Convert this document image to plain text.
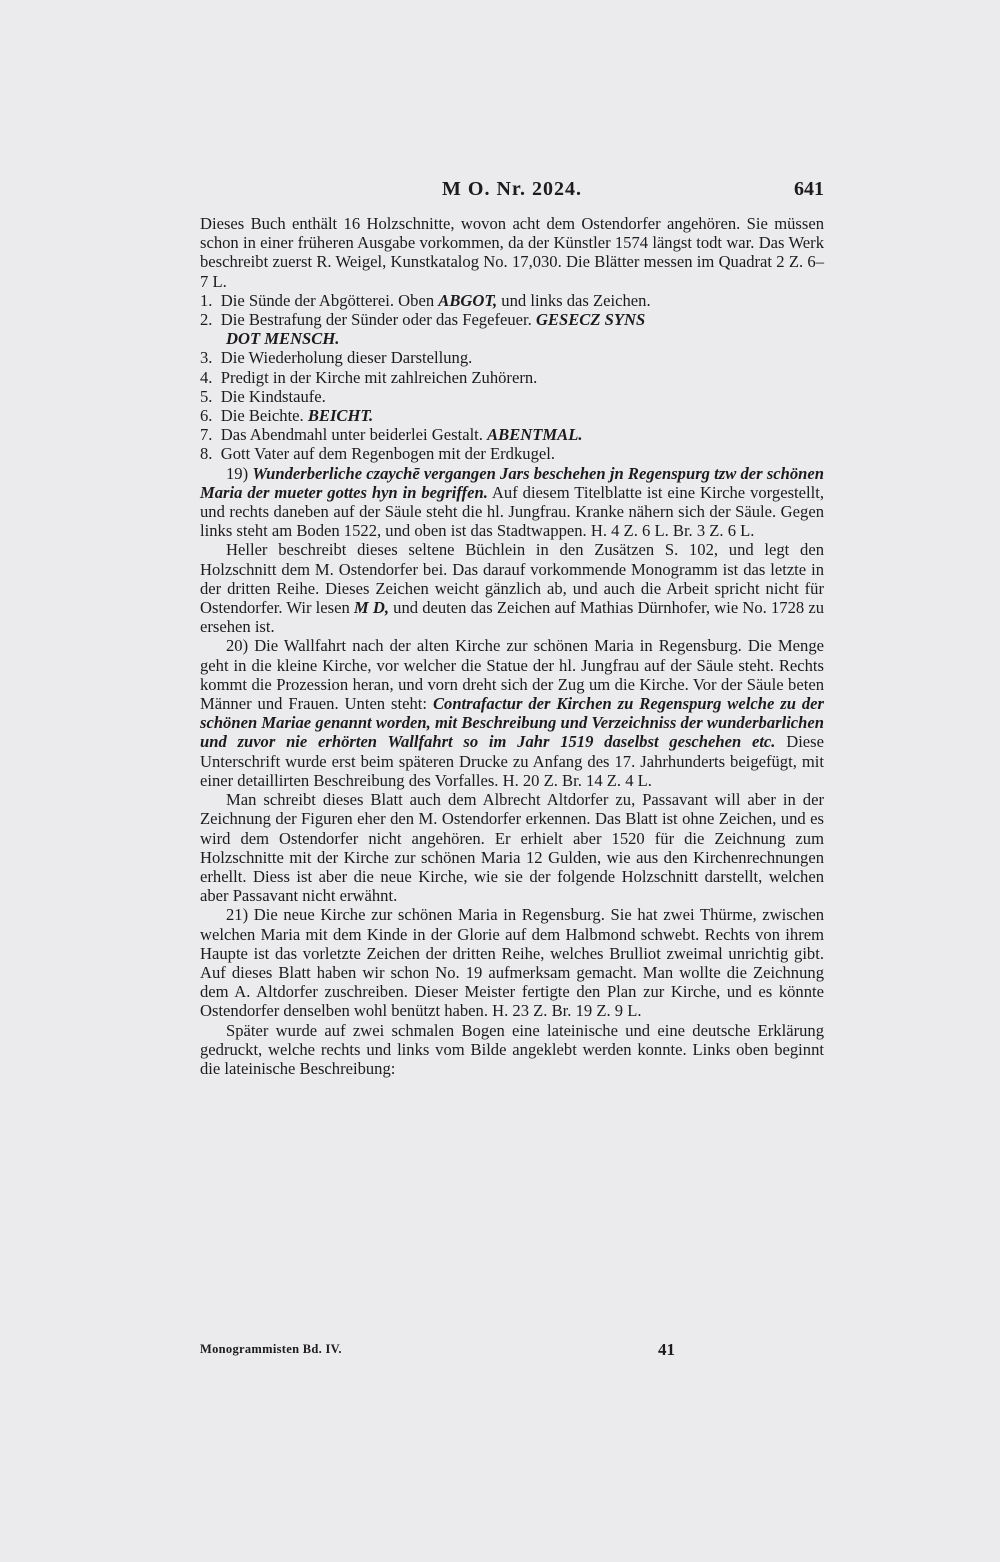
M O. Nr. 2024.	641

Dieses Buch enthält 16 Holzschnitte, wovon acht dem Ostendorfer angehören. Sie müssen schon in einer früheren Ausgabe vorkommen, da der Künstler 1574 längst todt war. Das Werk beschreibt zuerst R. Weigel, Kunstkatalog No. 17,030. Die Blätter messen im Quadrat 2 Z. 6–7 L.

1. Die Sünde der Abgötterei. Oben ABGOT, und links das Zeichen.

2. Die Bestrafung der Sünder oder das Fegefeuer. GESECZ SYNS

DOT MENSCH.

3. Die Wiederholung dieser Darstellung.

4. Predigt in der Kirche mit zahlreichen Zuhörern.

5. Die Kindstaufe.

6. Die Beichte. BEICHT.

7. Das Abendmahl unter beiderlei Gestalt. ABENTMAL.

8. Gott Vater auf dem Regenbogen mit der Erdkugel.

19) Wunderberliche czaychē vergangen Jars beschehen jn Regenspurg tzw der schönen Maria der mueter gottes hyn in begriffen. Auf diesem Titelblatte ist eine Kirche vorgestellt, und rechts daneben auf der Säule steht die hl. Jungfrau. Kranke nähern sich der Säule. Gegen links steht am Boden 1522, und oben ist das Stadtwappen. H. 4 Z. 6 L. Br. 3 Z. 6 L.

Heller beschreibt dieses seltene Büchlein in den Zusätzen S. 102, und legt den Holzschnitt dem M. Ostendorfer bei. Das darauf vorkommende Monogramm ist das letzte in der dritten Reihe. Dieses Zeichen weicht gänzlich ab, und auch die Arbeit spricht nicht für Ostendorfer. Wir lesen M D, und deuten das Zeichen auf Mathias Dürnhofer, wie No. 1728 zu ersehen ist.

20) Die Wallfahrt nach der alten Kirche zur schönen Maria in Regensburg. Die Menge geht in die kleine Kirche, vor welcher die Statue der hl. Jungfrau auf der Säule steht. Rechts kommt die Prozession heran, und vorn dreht sich der Zug um die Kirche. Vor der Säule beten Männer und Frauen. Unten steht: Contrafactur der Kirchen zu Regenspurg welche zu der schönen Mariae genannt worden, mit Beschreibung und Verzeichniss der wunderbarlichen und zuvor nie erhörten Wallfahrt so im Jahr 1519 daselbst geschehen etc. Diese Unterschrift wurde erst beim späteren Drucke zu Anfang des 17. Jahrhunderts beigefügt, mit einer detaillirten Beschreibung des Vorfalles. H. 20 Z. Br. 14 Z. 4 L.

Man schreibt dieses Blatt auch dem Albrecht Altdorfer zu, Passavant will aber in der Zeichnung der Figuren eher den M. Ostendorfer erkennen. Das Blatt ist ohne Zeichen, und es wird dem Ostendorfer nicht angehören. Er erhielt aber 1520 für die Zeichnung zum Holzschnitte mit der Kirche zur schönen Maria 12 Gulden, wie aus den Kirchenrechnungen erhellt. Diess ist aber die neue Kirche, wie sie der folgende Holzschnitt darstellt, welchen aber Passavant nicht erwähnt.

21) Die neue Kirche zur schönen Maria in Regensburg. Sie hat zwei Thürme, zwischen welchen Maria mit dem Kinde in der Glorie auf dem Halbmond schwebt. Rechts von ihrem Haupte ist das vorletzte Zeichen der dritten Reihe, welches Brulliot zweimal unrichtig gibt. Auf dieses Blatt haben wir schon No. 19 aufmerksam gemacht. Man wollte die Zeichnung dem A. Altdorfer zuschreiben. Dieser Meister fertigte den Plan zur Kirche, und es könnte Ostendorfer denselben wohl benützt haben. H. 23 Z. Br. 19 Z. 9 L.

Später wurde auf zwei schmalen Bogen eine lateinische und eine deutsche Erklärung gedruckt, welche rechts und links vom Bilde angeklebt werden konnte. Links oben beginnt die lateinische Beschreibung:

Monogrammisten Bd. IV.	41
